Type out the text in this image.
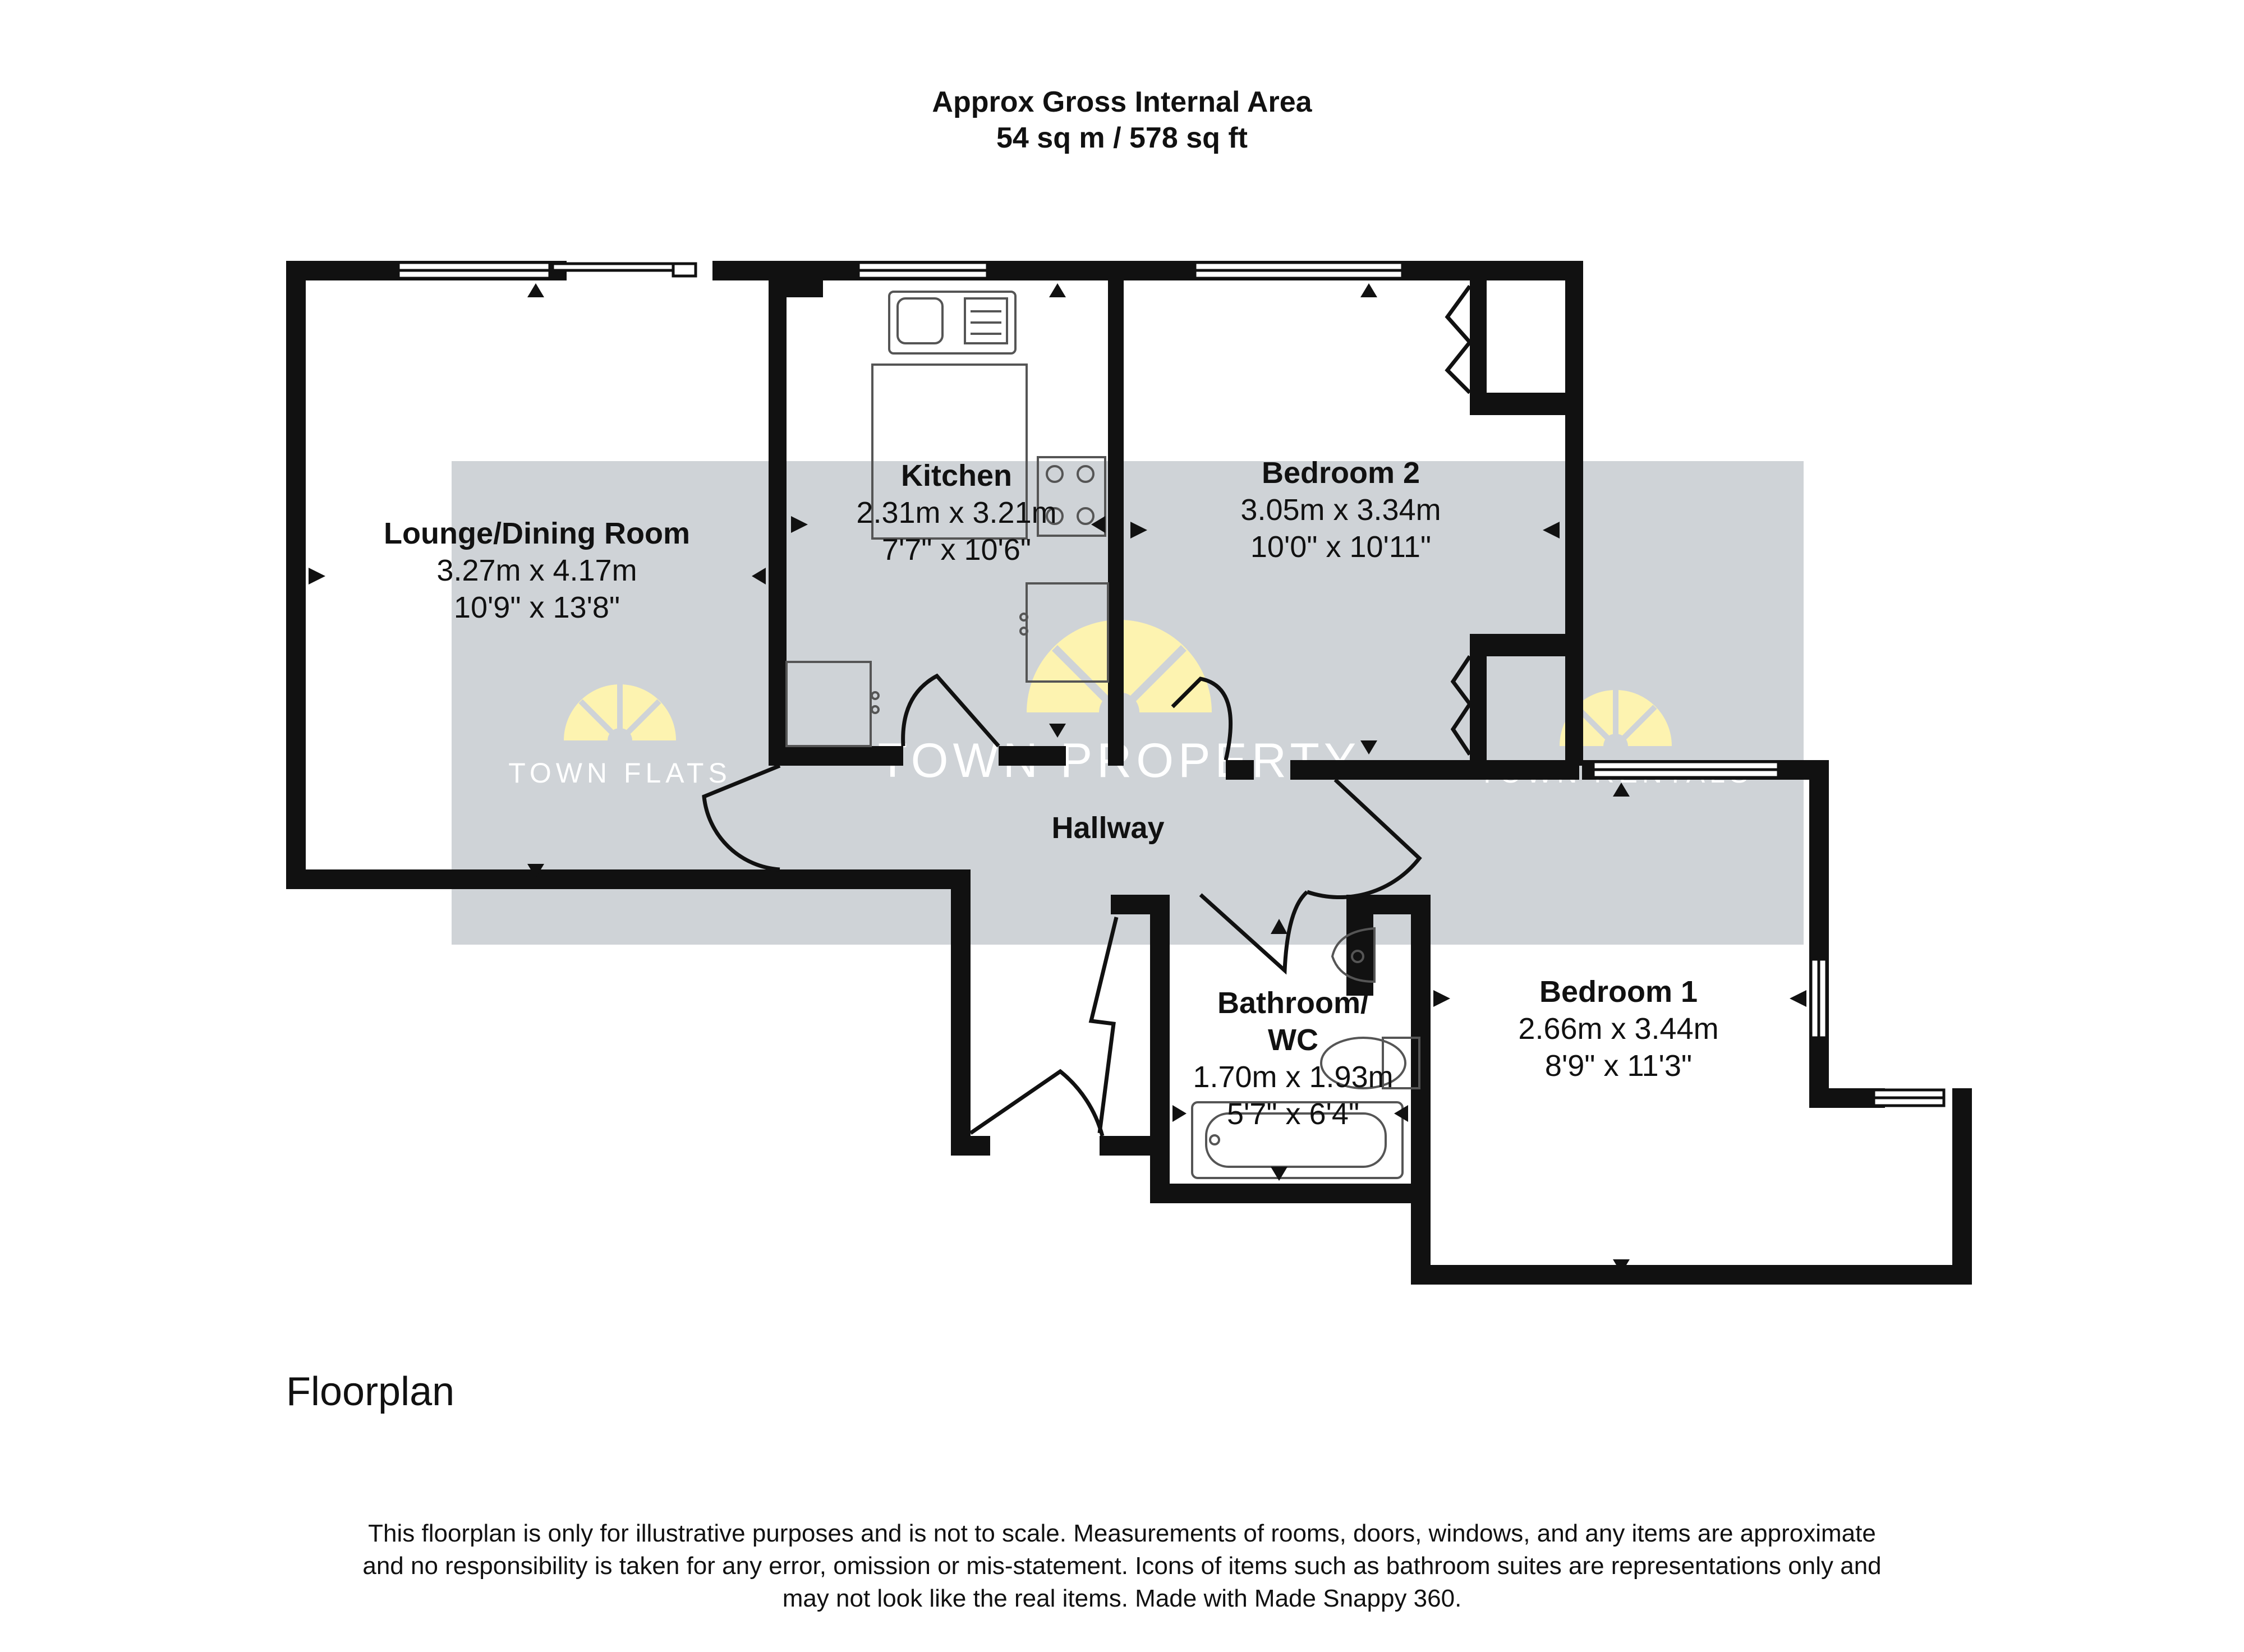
Approx Gross Internal Area
54 sq m / 578 sq ft
TOWN FLATS	TOWN PROPERTY
Lounge/Dining Room
3.27m x 4.17m
10'9" x 13'8"
Kitchen
2.31m x 3.21m
7'7" x 10'6"
Bedroom 2
3.05m x 3.34m
10'0" x 10'11"
Hallway
Bathroom/
WC
1.70m x 1.93m
5'7" x 6'4"
Bedroom 1
2.66m x 3.44m
8'9" x 11'3"
Floorplan
This floorplan is only for illustrative purposes and is not to scale. Measurements of rooms, doors, windows, and any items are approximate
and no responsibility is taken for any error, omission or mis-statement. Icons of items such as bathroom suites are representations only and
may not look like the real items. Made with Made Snappy 360.
